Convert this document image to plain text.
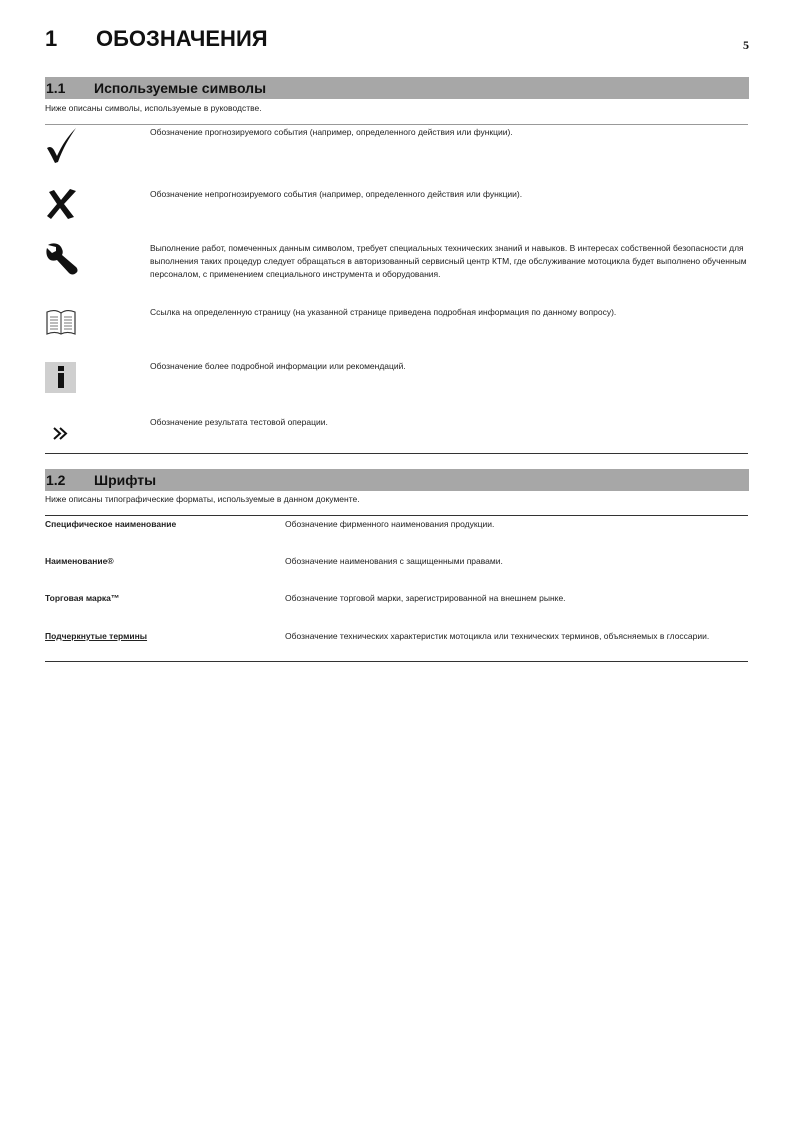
5
1	ОБОЗНАЧЕНИЯ
1.1	Используемые символы
Ниже описаны символы, используемые в руководстве.
Обозначение прогнозируемого события (например, определенного действия или функции).
Обозначение непрогнозируемого события (например, определенного действия или функции).
Выполнение работ, помеченных данным символом, требует специальных технических знаний и навыков. В интересах собственной безопасности для выполнения таких процедур следует обращаться в авторизованный сервисный центр КТМ, где обслуживание мотоцикла будет выполнено обученным персоналом, с применением специального инструмента и оборудования.
Ссылка на определенную страницу (на указанной странице приведена подробная информация по данному вопросу).
Обозначение более подробной информации или рекомендаций.
Обозначение результата тестовой операции.
1.2	Шрифты
Ниже описаны типографические форматы, используемые в данном документе.
Специфическое наименование	Обозначение фирменного наименования продукции.
Наименование®	Обозначение наименования с защищенными правами.
Торговая марка™	Обозначение торговой марки, зарегистрированной на внешнем рынке.
Подчеркнутые термины	Обозначение технических характеристик мотоцикла или технических терминов, объясняемых в глоссарии.
